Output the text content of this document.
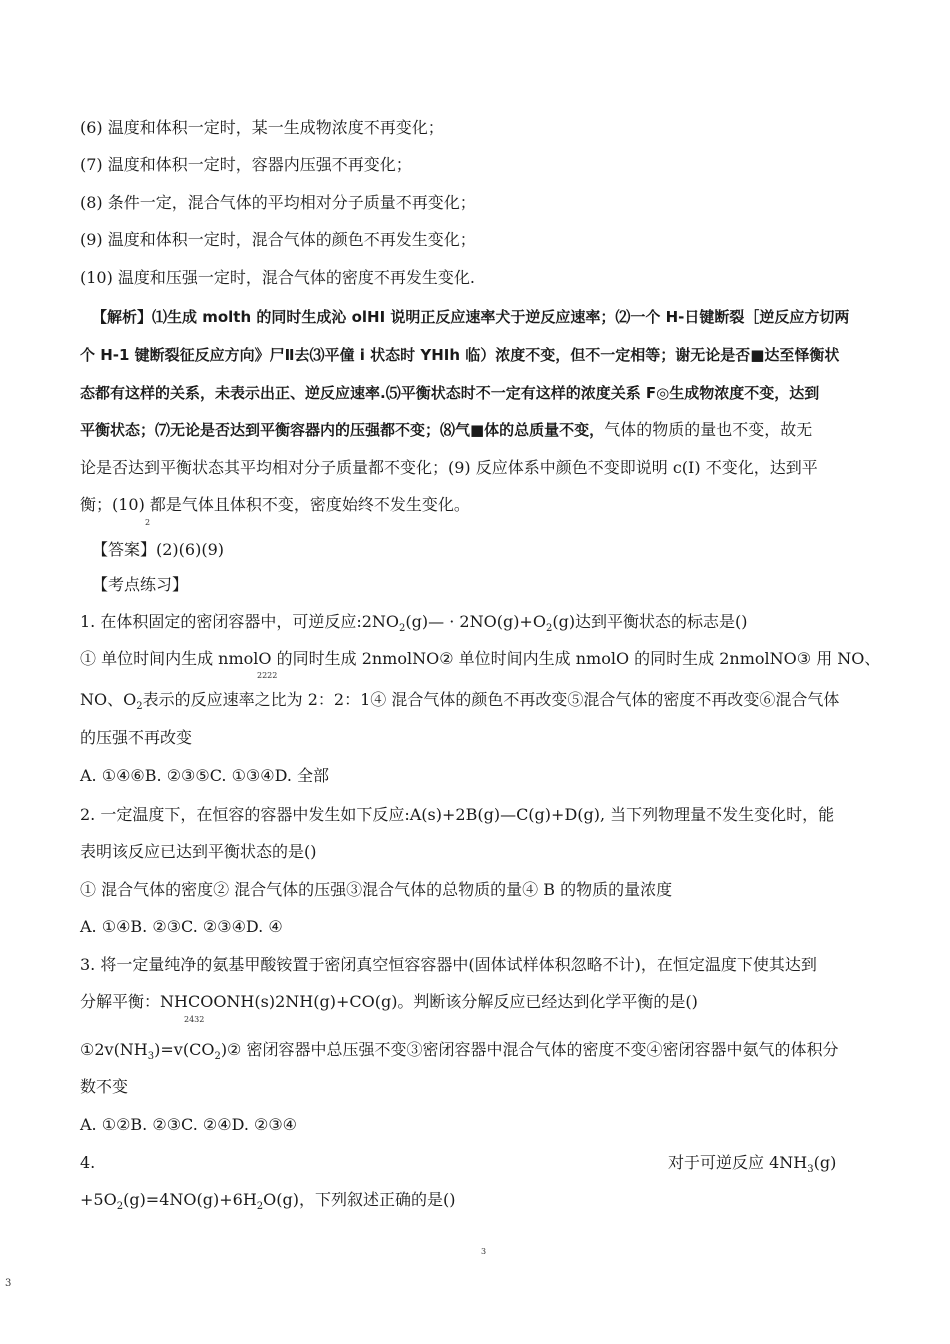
(6) 温度和体积一定时，某一生成物浓度不再变化；
(7) 温度和体积一定时，容器内压强不再变化；
(8) 条件一定，混合气体的平均相对分子质量不再变化；
(9) 温度和体积一定时，混合气体的颜色不再发生变化；
(10) 温度和压强一定时，混合气体的密度不再发生变化.
【解析】⑴生成 molth 的同时生成沁 olHI 说明正反应速率犬于逆反应速率；⑵一个 H-日键断裂［逆反应方切两
个 H-1 键断裂征反应方向》尸Ⅱ去⑶平僮 i 状态时 YHIh 临）浓度不变，但不一定相等；谢无论是否■达至怿衡状
态都有这样的关系，未表示出正、逆反应速率.⑸平衡状态时不一定有这样的浓度关系 F◎生成物浓度不变，达到
平衡状态；⑺无论是否达到平衡容器内的压强都不变；⑻气■体的总质量不变，气体的物质的量也不变，故无
论是否达到平衡状态其平均相对分子质量都不变化；(9) 反应体系中颜色不变即说明 c(I) 不变化，达到平
衡；(10) 都是气体且体积不变，密度始终不发生变化。
2
【答案】(2)(6)(9)
【考点练习】
1. 在体积固定的密闭容器中，可逆反应$:2NO_2(g)— \cdot 2NO(g)+O_2(g)$达到平衡状态的标志是()
① 单位时间内生成 nmolO 的同时生成 2nmolNO② 单位时间内生成 nmolO 的同时生成 2nmolNO③ 用 NO、
2222
NO、$O_2$表示的反应速率之比为 2：2：1④ 混合气体的颜色不再改变⑤混合气体的密度不再改变⑥混合气体
的压强不再改变
A. ①④⑥B. ②③⑤C. ①③④D. 全部
2. 一定温度下，在恒容的容器中发生如下反应:A(s)+2B(g)—C(g)+D(g), 当下列物理量不发生变化时，能
表明该反应已达到平衡状态的是()
① 混合气体的密度② 混合气体的压强③混合气体的总物质的量④ B 的物质的量浓度
A. ①④B. ②③C. ②③④D. ④
3. 将一定量纯净的氨基甲酸铵置于密闭真空恒容容器中(固体试样体积忽略不计)，在恒定温度下使其达到
分解平衡：NHCOONH(s)2NH(g)+CO(g)。判断该分解反应已经达到化学平衡的是()
2432
$①2v(NH_3)=v(CO_2)②$ 密闭容器中总压强不变③密闭容器中混合气体的密度不变④密闭容器中氨气的体积分
数不变
A. ①②B. ②③C. ②④D. ②③④
4.	对于可逆反应 $4NH_3(g)$
$+5O_2(g)=4NO(g)+6H_2O(g)$，下列叙述正确的是()
3
3
